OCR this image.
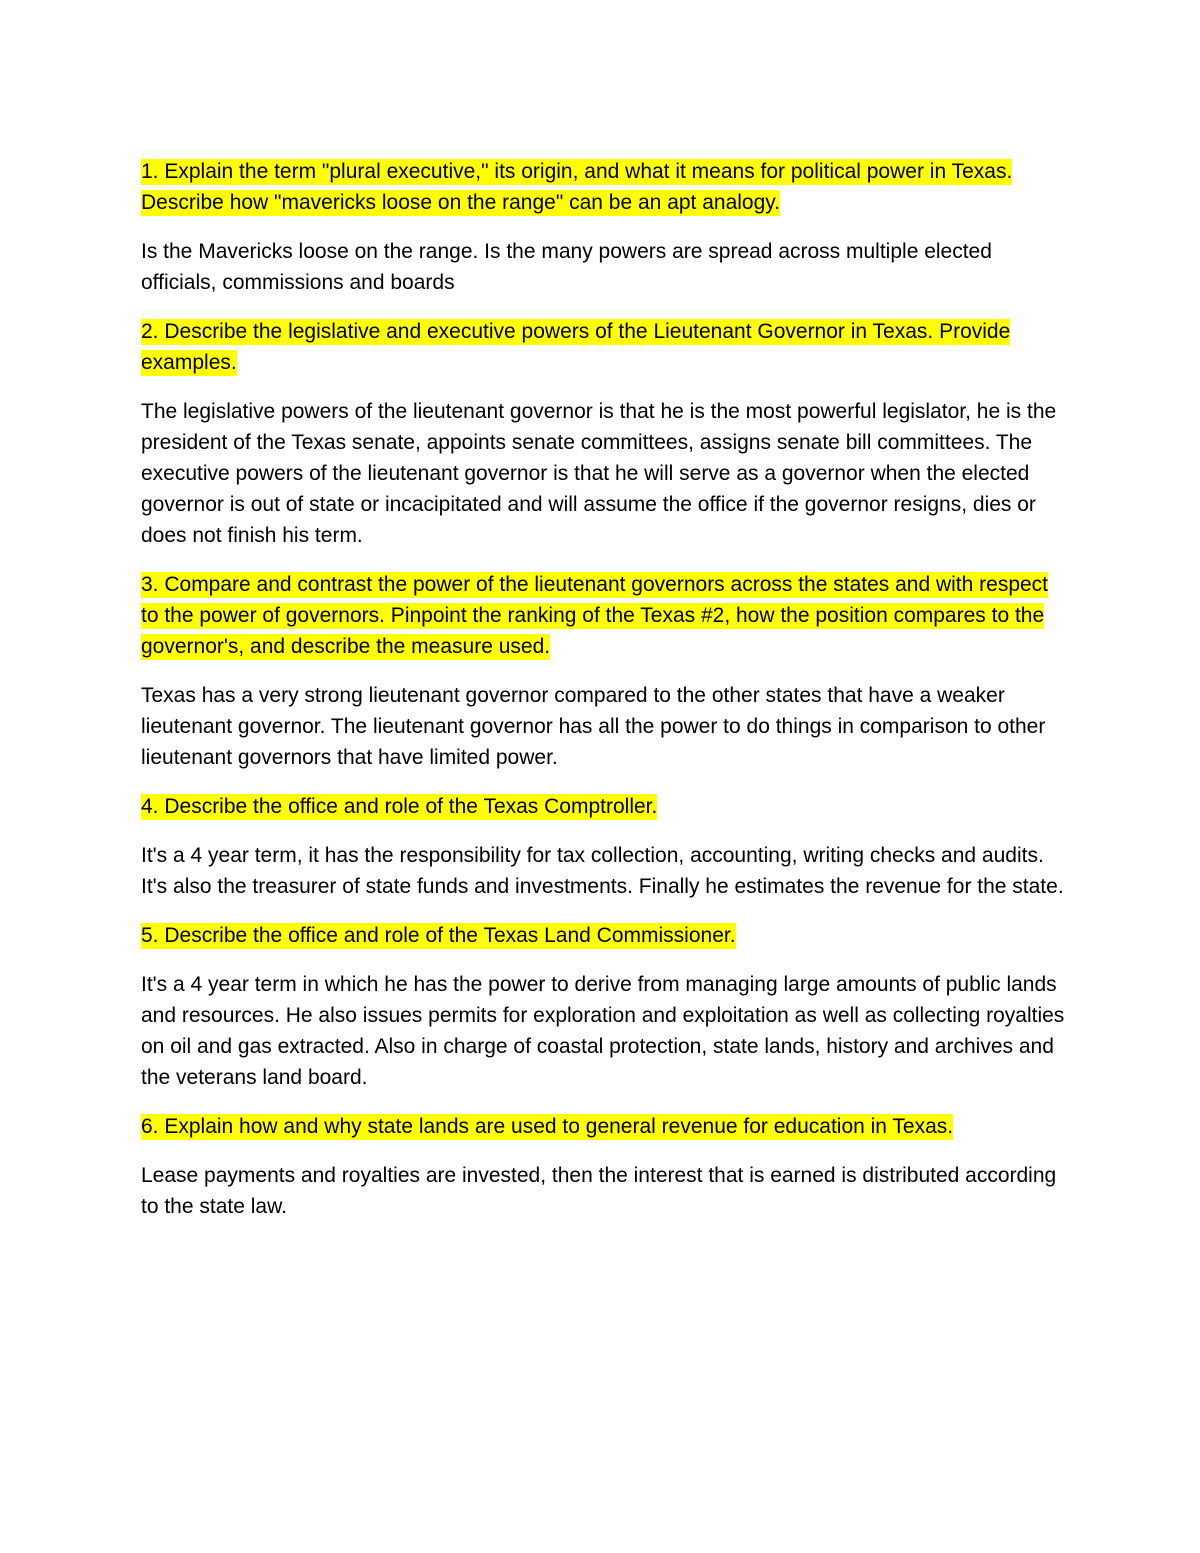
1. Explain the term "plural executive," its origin, and what it means for political power in Texas. Describe how "mavericks loose on the range" can be an apt analogy.

Is the Mavericks loose on the range. Is the many powers are spread across multiple elected officials, commissions and boards

2. Describe the legislative and executive powers of the Lieutenant Governor in Texas. Provide examples.

The legislative powers of the lieutenant governor is that he is the most powerful legislator, he is the president of the Texas senate, appoints senate committees, assigns senate bill committees. The executive powers of the lieutenant governor is that he will serve as a governor when the elected governor is out of state or incacipitated and will assume the office if the governor resigns, dies or does not finish his term.

3. Compare and contrast the power of the lieutenant governors across the states and with respect to the power of governors. Pinpoint the ranking of the Texas #2, how the position compares to the governor's, and describe the measure used.

Texas has a very strong lieutenant governor compared to the other states that have a weaker lieutenant governor. The lieutenant governor has all the power to do things in comparison to other lieutenant governors that have limited power.

4. Describe the office and role of the Texas Comptroller.

It's a 4 year term, it has the responsibility for tax collection, accounting, writing checks and audits. It's also the treasurer of state funds and investments. Finally he estimates the revenue for the state.

5. Describe the office and role of the Texas Land Commissioner.

It's a 4 year term in which he has the power to derive from managing large amounts of public lands and resources. He also issues permits for exploration and exploitation as well as collecting royalties on oil and gas extracted. Also in charge of coastal protection, state lands, history and archives and the veterans land board.

6. Explain how and why state lands are used to general revenue for education in Texas.

Lease payments and royalties are invested, then the interest that is earned is distributed according to the state law.
